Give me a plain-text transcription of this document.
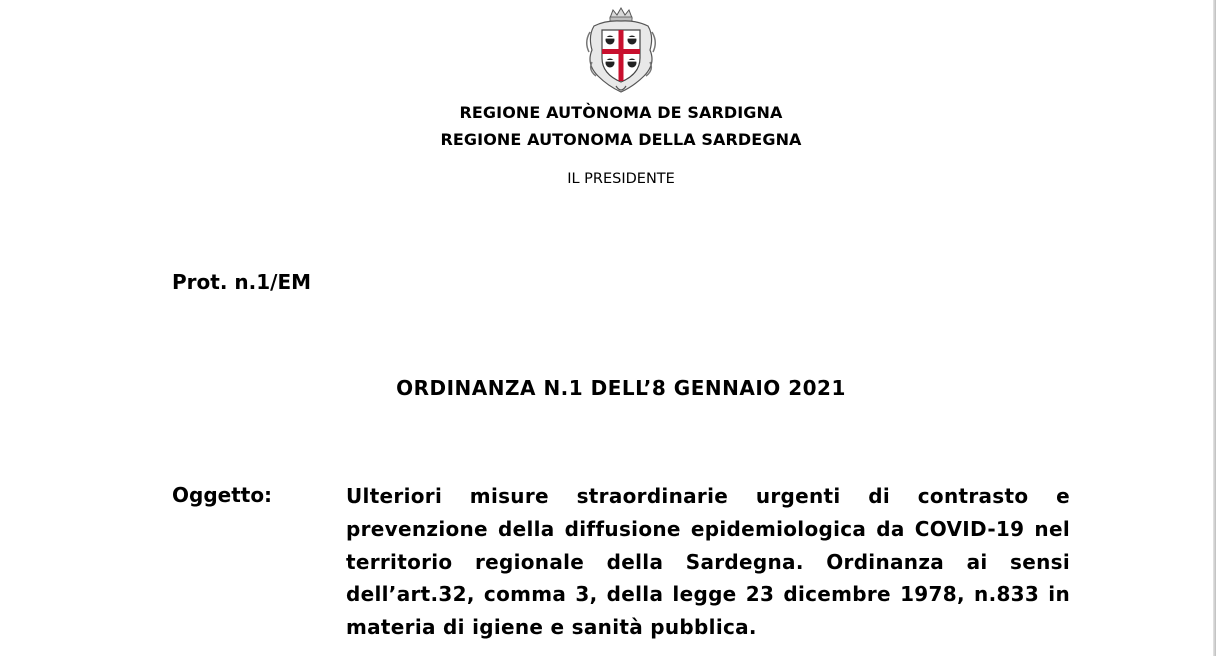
REGIONE AUTÒNOMA DE SARDIGNA
REGIONE AUTONOMA DELLA SARDEGNA
IL PRESIDENTE
Prot. n.1/EM
ORDINANZA N.1 DELL’8 GENNAIO 2021
Oggetto:	Ulteriori misure straordinarie urgenti di contrasto e prevenzione della diffusione epidemiologica da COVID-19 nel territorio regionale della Sardegna. Ordinanza ai sensi dell’art.32, comma 3, della legge 23 dicembre 1978, n.833 in materia di igiene e sanità pubblica.
